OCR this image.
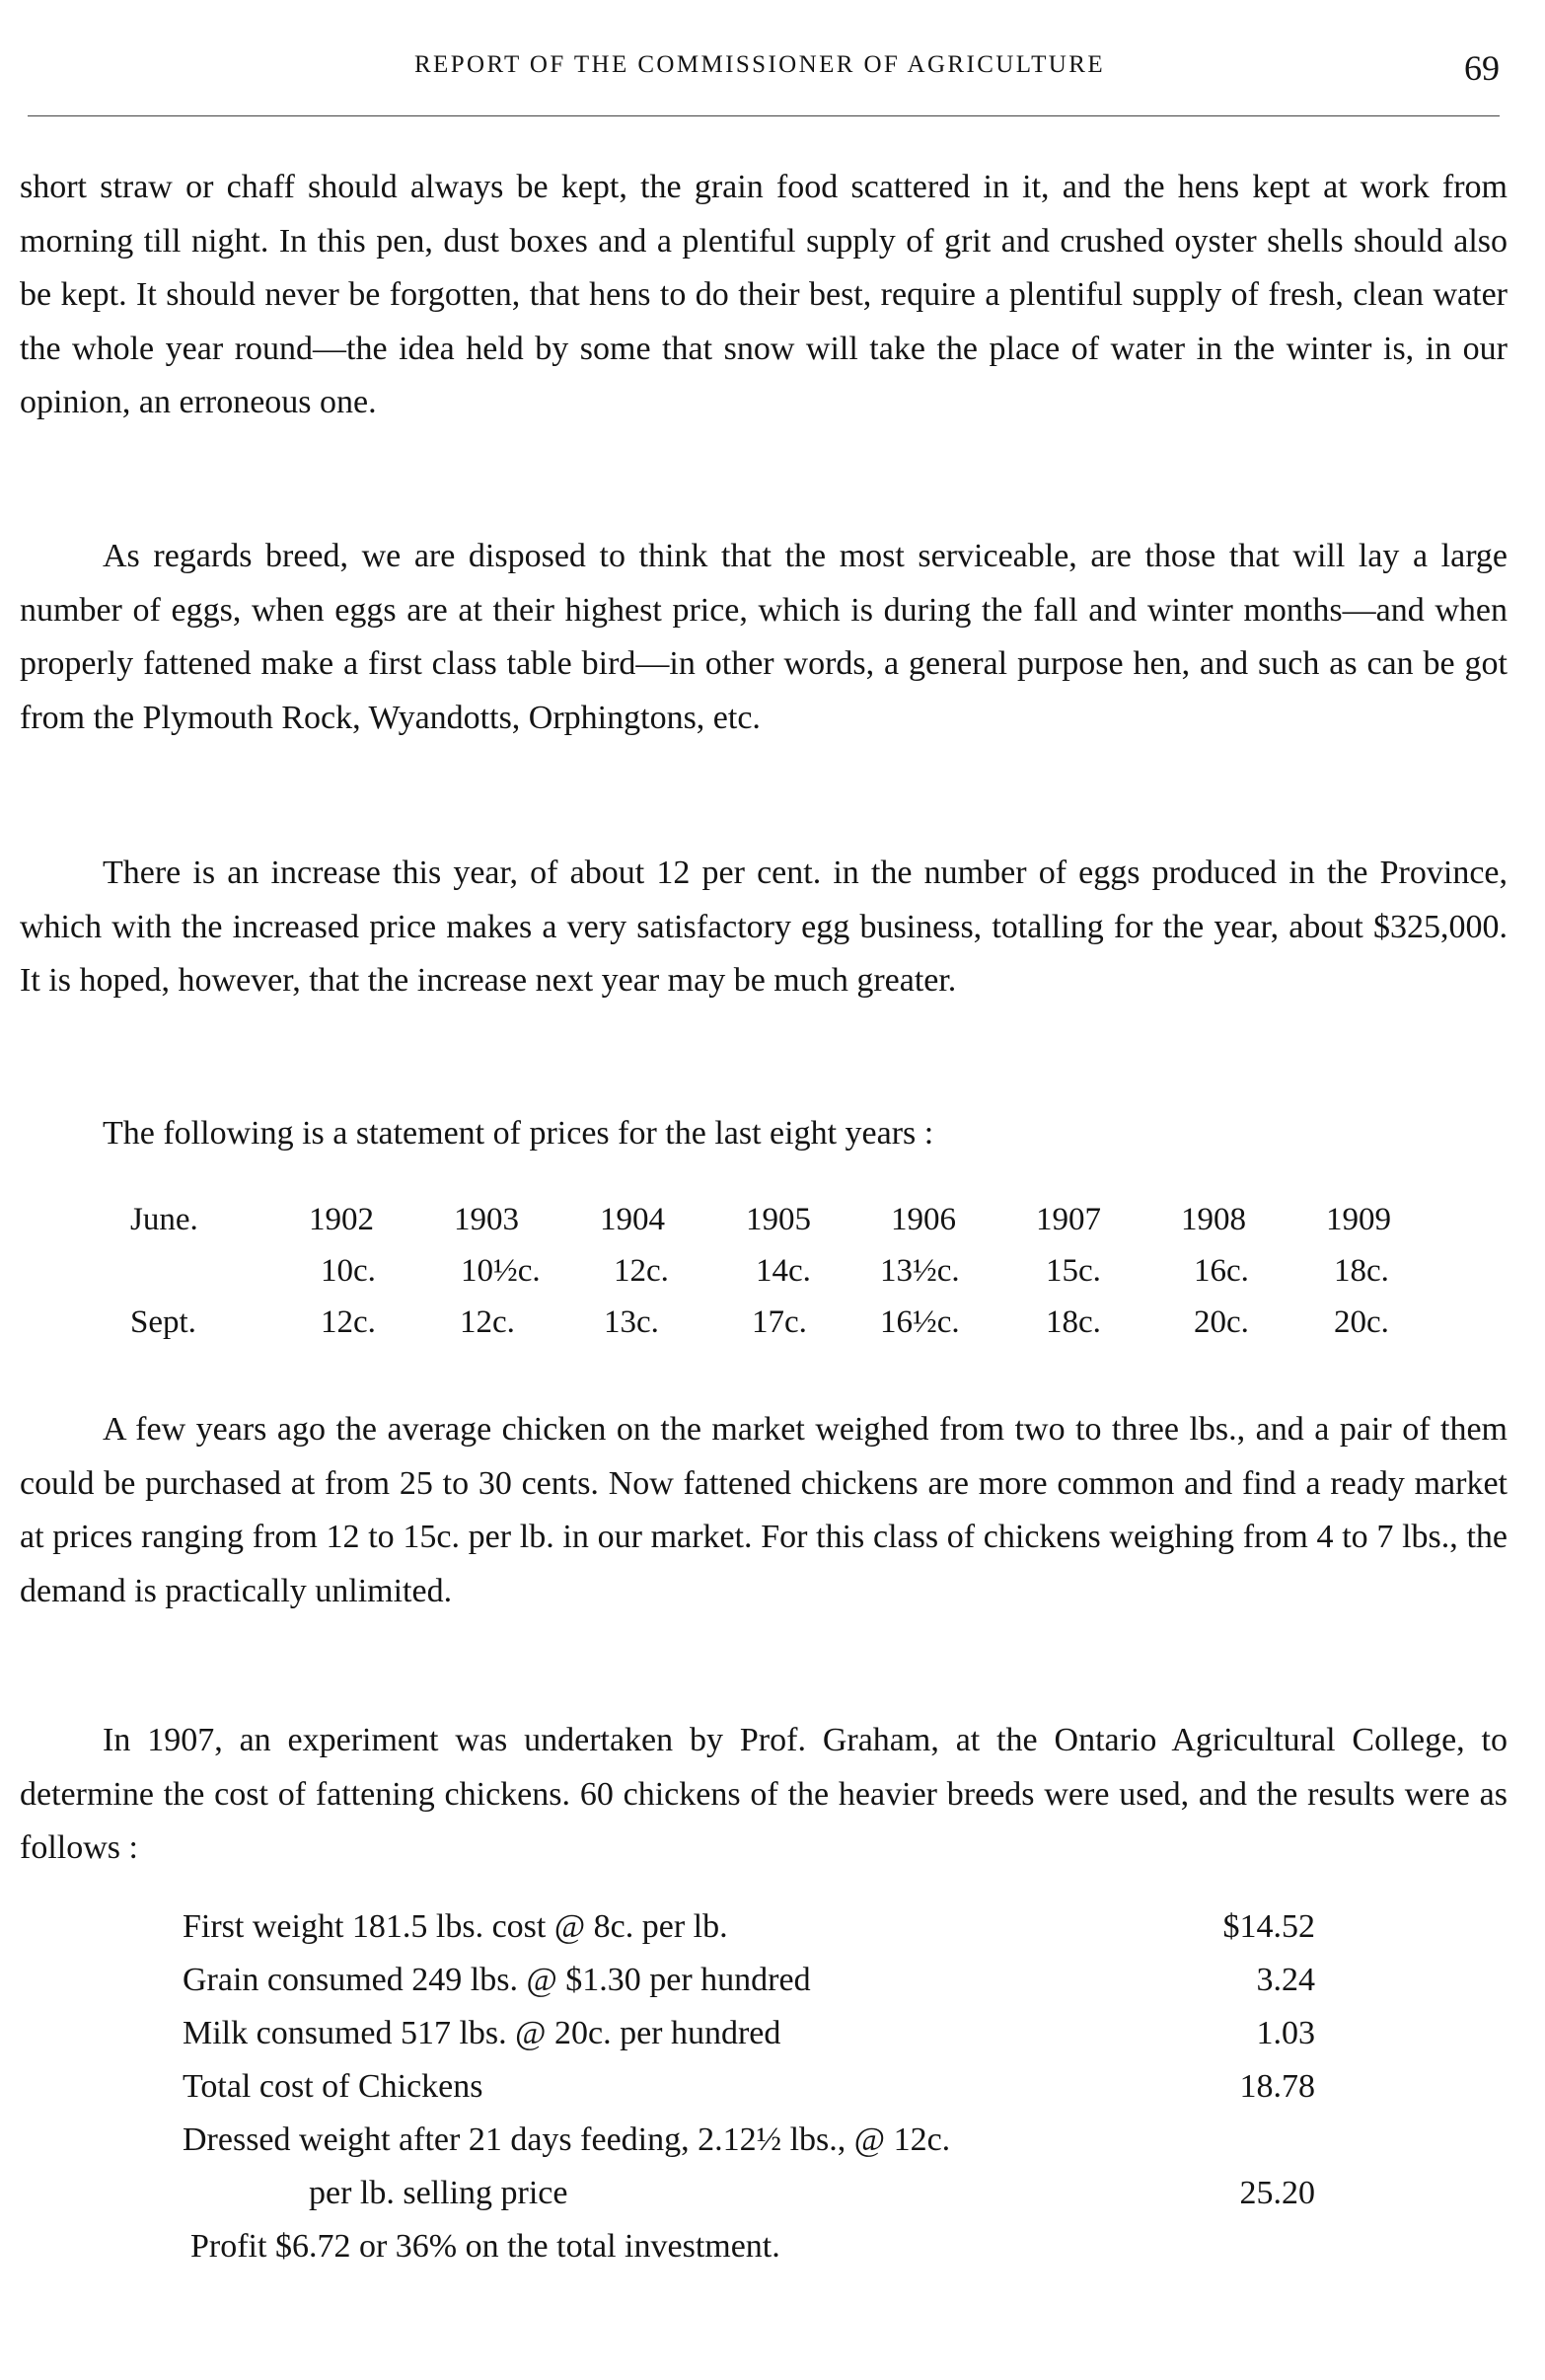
REPORT OF THE COMMISSIONER OF AGRICULTURE	69

short straw or chaff should always be kept, the grain food scattered in it, and the hens kept at work from morning till night. In this pen, dust boxes and a plentiful supply of grit and crushed oyster shells should also be kept. It should never be forgotten, that hens to do their best, require a plentiful supply of fresh, clean water the whole year round—the idea held by some that snow will take the place of water in the winter is, in our opinion, an erroneous one.

As regards breed, we are disposed to think that the most serviceable, are those that will lay a large number of eggs, when eggs are at their highest price, which is during the fall and winter months—and when properly fattened make a first class table bird—in other words, a general purpose hen, and such as can be got from the Plymouth Rock, Wyandotts, Orphingtons, etc.

There is an increase this year, of about 12 per cent. in the number of eggs produced in the Province, which with the increased price makes a very satisfactory egg business, totalling for the year, about $325,000. It is hoped, however, that the increase next year may be much greater.

The following is a statement of prices for the last eight years :

June.	1902 1903 1904 1905 1906 1907 1908 1909
10c.	10½c. 12c.	14c. 13½c.	15c.	16c.	18c.
Sept.	12c.	12c.	13c.	17c. 16½c.	18c.	20c.	20c.

A few years ago the average chicken on the market weighed from two to three lbs., and a pair of them could be purchased at from 25 to 30 cents. Now fattened chickens are more common and find a ready market at prices ranging from 12 to 15c. per lb. in our market. For this class of chickens weighing from 4 to 7 lbs., the demand is practically unlimited.

In 1907, an experiment was undertaken by Prof. Graham, at the Ontario Agricultural College, to determine the cost of fattening chickens. 60 chickens of the heavier breeds were used, and the results were as follows :

First weight 181.5 lbs. cost @ 8c. per lb.	$14.52
Grain consumed 249 lbs. @ $1.30 per hundred	3.24
Milk consumed 517 lbs. @ 20c. per hundred	1.03
Total cost of Chickens	18.78
Dressed weight after 21 days feeding, 2.12½ lbs., @ 12c.
per lb. selling price	25.20
Profit $6.72 or 36% on the total investment.
